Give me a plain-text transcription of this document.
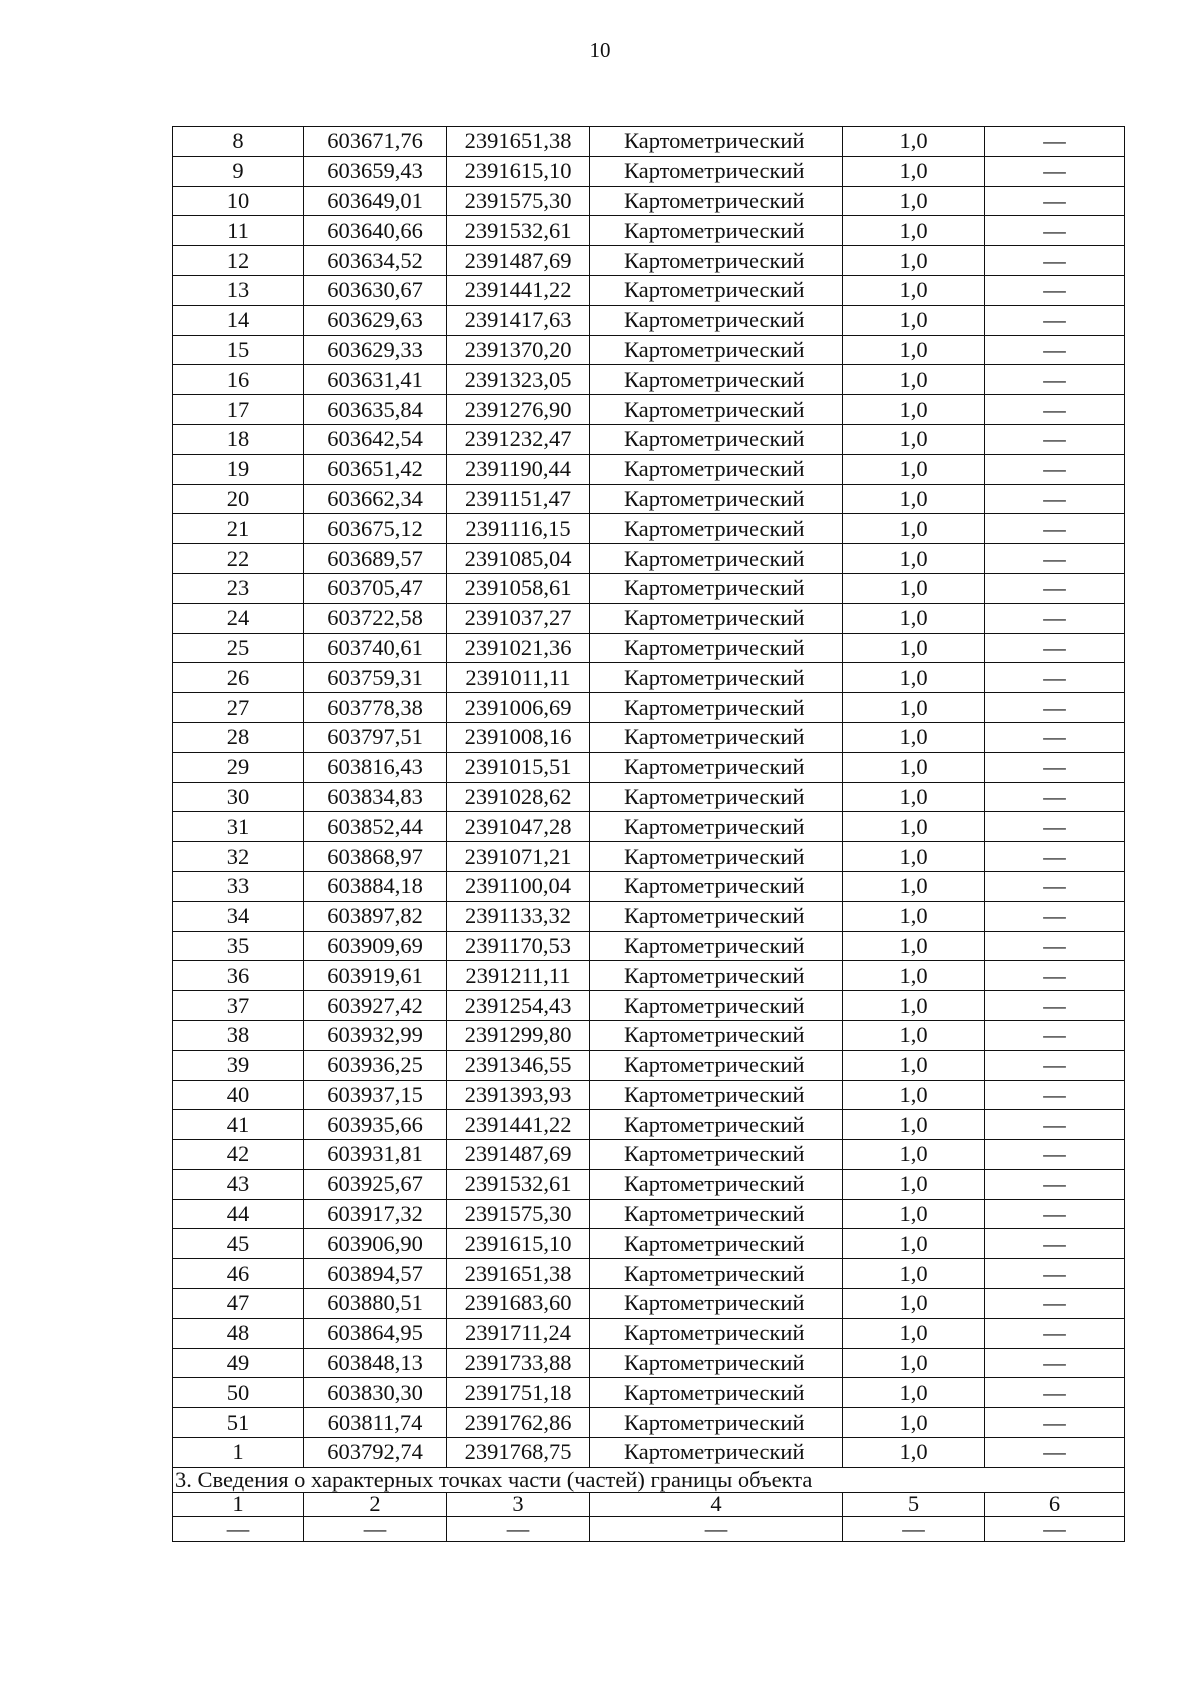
10
8	603671,76	2391651,38	Картометрический	1,0	—
9	603659,43	2391615,10	Картометрический	1,0	—
10	603649,01	2391575,30	Картометрический	1,0	—
11	603640,66	2391532,61	Картометрический	1,0	—
12	603634,52	2391487,69	Картометрический	1,0	—
13	603630,67	2391441,22	Картометрический	1,0	—
14	603629,63	2391417,63	Картометрический	1,0	—
15	603629,33	2391370,20	Картометрический	1,0	—
16	603631,41	2391323,05	Картометрический	1,0	—
17	603635,84	2391276,90	Картометрический	1,0	—
18	603642,54	2391232,47	Картометрический	1,0	—
19	603651,42	2391190,44	Картометрический	1,0	—
20	603662,34	2391151,47	Картометрический	1,0	—
21	603675,12	2391116,15	Картометрический	1,0	—
22	603689,57	2391085,04	Картометрический	1,0	—
23	603705,47	2391058,61	Картометрический	1,0	—
24	603722,58	2391037,27	Картометрический	1,0	—
25	603740,61	2391021,36	Картометрический	1,0	—
26	603759,31	2391011,11	Картометрический	1,0	—
27	603778,38	2391006,69	Картометрический	1,0	—
28	603797,51	2391008,16	Картометрический	1,0	—
29	603816,43	2391015,51	Картометрический	1,0	—
30	603834,83	2391028,62	Картометрический	1,0	—
31	603852,44	2391047,28	Картометрический	1,0	—
32	603868,97	2391071,21	Картометрический	1,0	—
33	603884,18	2391100,04	Картометрический	1,0	—
34	603897,82	2391133,32	Картометрический	1,0	—
35	603909,69	2391170,53	Картометрический	1,0	—
36	603919,61	2391211,11	Картометрический	1,0	—
37	603927,42	2391254,43	Картометрический	1,0	—
38	603932,99	2391299,80	Картометрический	1,0	—
39	603936,25	2391346,55	Картометрический	1,0	—
40	603937,15	2391393,93	Картометрический	1,0	—
41	603935,66	2391441,22	Картометрический	1,0	—
42	603931,81	2391487,69	Картометрический	1,0	—
43	603925,67	2391532,61	Картометрический	1,0	—
44	603917,32	2391575,30	Картометрический	1,0	—
45	603906,90	2391615,10	Картометрический	1,0	—
46	603894,57	2391651,38	Картометрический	1,0	—
47	603880,51	2391683,60	Картометрический	1,0	—
48	603864,95	2391711,24	Картометрический	1,0	—
49	603848,13	2391733,88	Картометрический	1,0	—
50	603830,30	2391751,18	Картометрический	1,0	—
51	603811,74	2391762,86	Картометрический	1,0	—
1	603792,74	2391768,75	Картометрический	1,0	—
3. Сведения о характерных точках части (частей) границы объекта					
1	2	3	4	5	6
—	—	—	—	—	—
